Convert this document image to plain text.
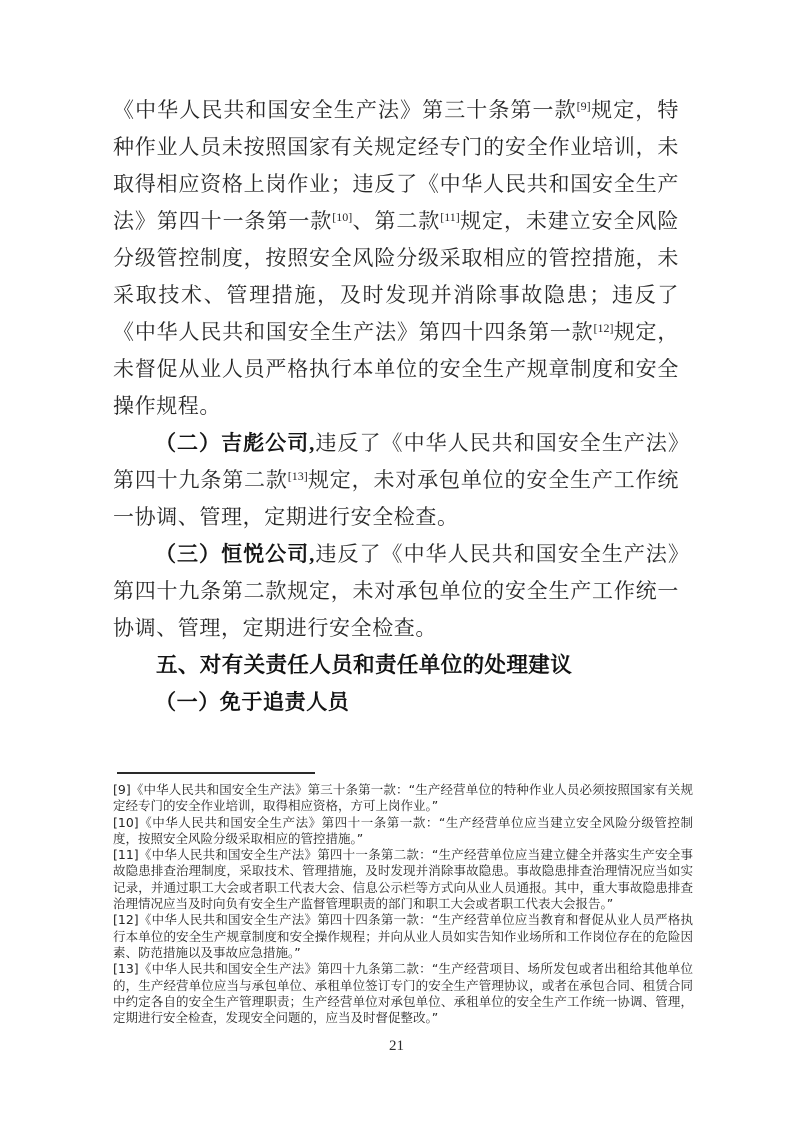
《中华人民共和国安全生产法》第三十条第一款[9]规定，特种作业人员未按照国家有关规定经专门的安全作业培训，未取得相应资格上岗作业；违反了《中华人民共和国安全生产法》第四十一条第一款[10]、第二款[11]规定，未建立安全风险分级管控制度，按照安全风险分级采取相应的管控措施，未采取技术、管理措施，及时发现并消除事故隐患；违反了《中华人民共和国安全生产法》第四十四条第一款[12]规定，未督促从业人员严格执行本单位的安全生产规章制度和安全操作规程。

（二）吉彪公司,违反了《中华人民共和国安全生产法》第四十九条第二款[13]规定，未对承包单位的安全生产工作统一协调、管理，定期进行安全检查。

（三）恒悦公司,违反了《中华人民共和国安全生产法》第四十九条第二款规定，未对承包单位的安全生产工作统一协调、管理，定期进行安全检查。

五、对有关责任人员和责任单位的处理建议
（一）免于追责人员

[9]《中华人民共和国安全生产法》第三十条第一款：“生产经营单位的特种作业人员必须按照国家有关规定经专门的安全作业培训，取得相应资格，方可上岗作业。”

[10]《中华人民共和国安全生产法》第四十一条第一款：“生产经营单位应当建立安全风险分级管控制度，按照安全风险分级采取相应的管控措施。”

[11]《中华人民共和国安全生产法》第四十一条第二款：“生产经营单位应当建立健全并落实生产安全事故隐患排查治理制度，采取技术、管理措施，及时发现并消除事故隐患。事故隐患排查治理情况应当如实记录，并通过职工大会或者职工代表大会、信息公示栏等方式向从业人员通报。其中，重大事故隐患排查治理情况应当及时向负有安全生产监督管理职责的部门和职工大会或者职工代表大会报告。”

[12]《中华人民共和国安全生产法》第四十四条第一款：“生产经营单位应当教育和督促从业人员严格执行本单位的安全生产规章制度和安全操作规程；并向从业人员如实告知作业场所和工作岗位存在的危险因素、防范措施以及事故应急措施。”

[13]《中华人民共和国安全生产法》第四十九条第二款：“生产经营项目、场所发包或者出租给其他单位的，生产经营单位应当与承包单位、承租单位签订专门的安全生产管理协议，或者在承包合同、租赁合同中约定各自的安全生产管理职责；生产经营单位对承包单位、承租单位的安全生产工作统一协调、管理，定期进行安全检查，发现安全问题的，应当及时督促整改。”

21
